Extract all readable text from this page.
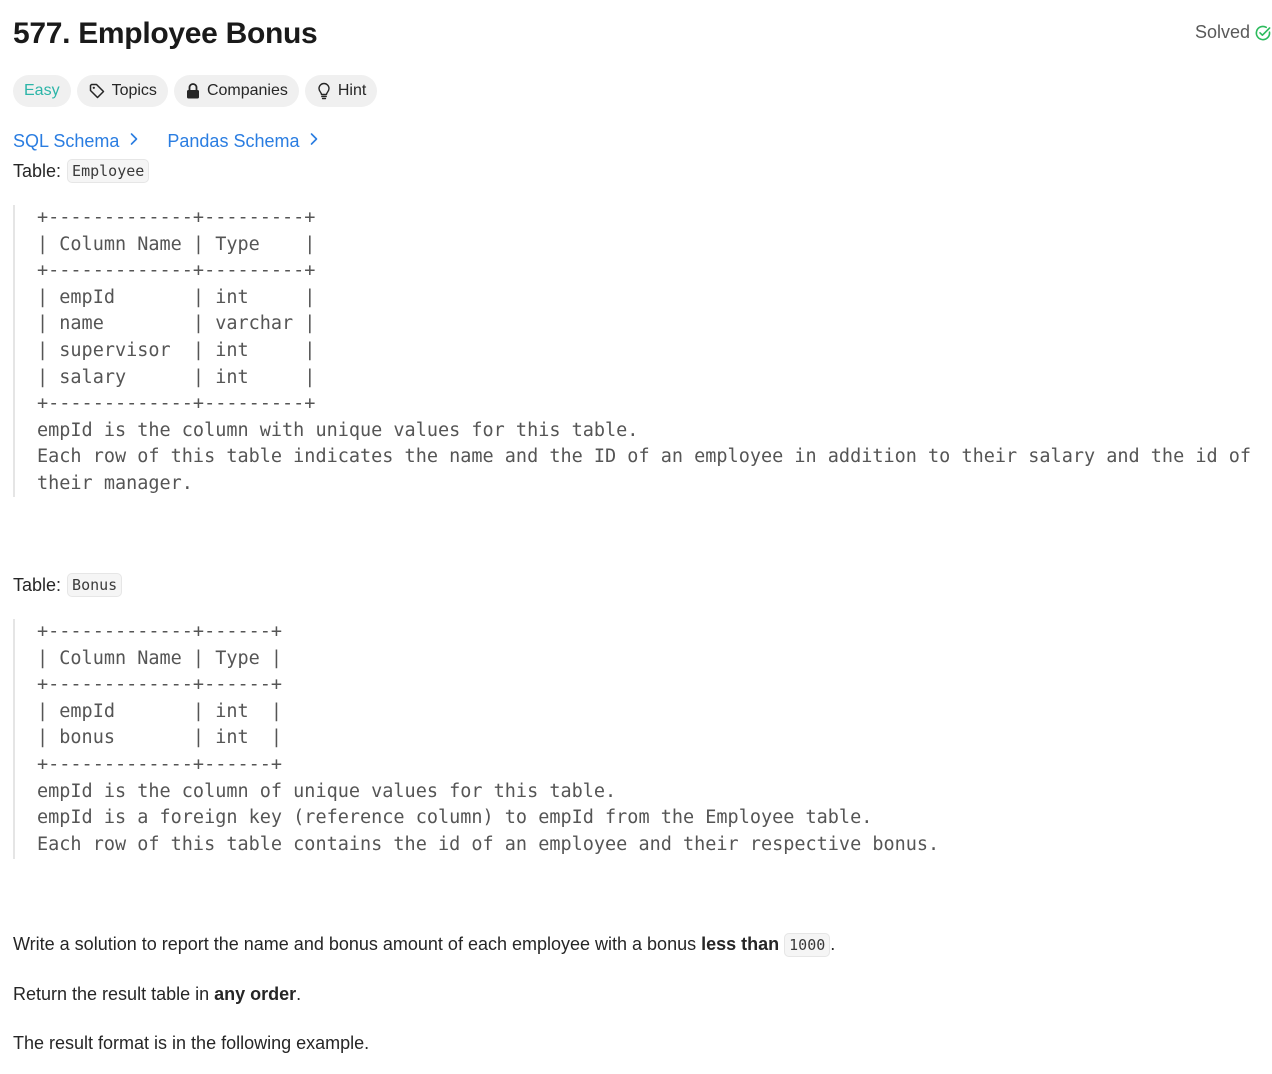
577. Employee Bonus	Solved
Easy	Topics	Companies	Hint
SQL Schema	Pandas Schema
Table: Employee
+-------------+---------+
| Column Name | Type    |
+-------------+---------+
| empId       | int     |
| name        | varchar |
| supervisor  | int     |
| salary      | int     |
+-------------+---------+
empId is the column with unique values for this table.
Each row of this table indicates the name and the ID of an employee in addition to their salary and the id of
their manager.
Table: Bonus
+-------------+------+
| Column Name | Type |
+-------------+------+
| empId       | int  |
| bonus       | int  |
+-------------+------+
empId is the column of unique values for this table.
empId is a foreign key (reference column) to empId from the Employee table.
Each row of this table contains the id of an employee and their respective bonus.
Write a solution to report the name and bonus amount of each employee with a bonus less than 1000 .
Return the result table in any order.
The result format is in the following example.
